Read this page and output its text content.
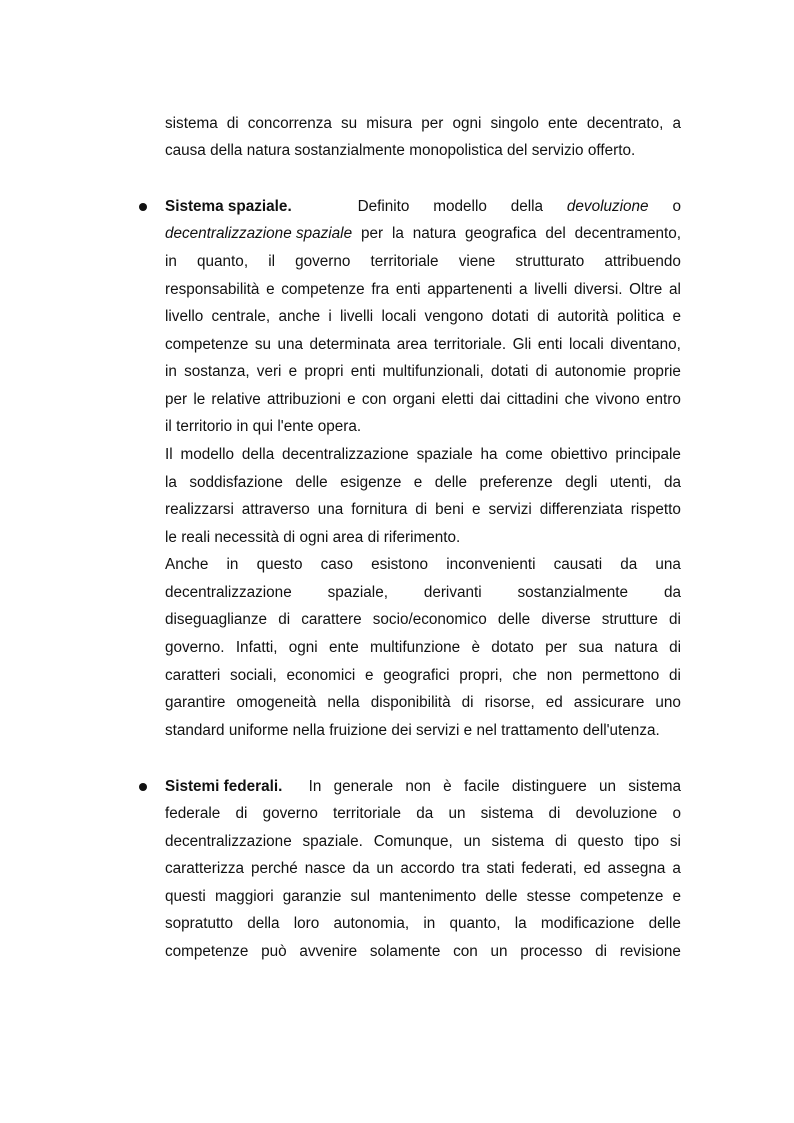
sistema di concorrenza su misura per ogni singolo ente decentrato, a
causa della natura sostanzialmente monopolistica del servizio offerto.
Sistema spaziale.	Definito modello della devoluzione o
decentralizzazione spaziale per la natura geografica del decentramento,
in quanto, il governo territoriale viene strutturato attribuendo
responsabilità e competenze fra enti appartenenti a livelli diversi. Oltre al
livello centrale, anche i livelli locali vengono dotati di autorità politica e
competenze su una determinata area territoriale. Gli enti locali diventano,
in sostanza, veri e propri enti multifunzionali, dotati di autonomie proprie
per le relative attribuzioni e con organi eletti dai cittadini che vivono entro
il territorio in qui l'ente opera.
Il modello della decentralizzazione spaziale ha come obiettivo principale
la soddisfazione delle esigenze e delle preferenze degli utenti, da
realizzarsi attraverso una fornitura di beni e servizi differenziata rispetto
le reali necessità di ogni area di riferimento.
Anche in questo caso esistono inconvenienti causati da una
decentralizzazione spaziale, derivanti sostanzialmente da
diseguaglianze di carattere socio/economico delle diverse strutture di
governo. Infatti, ogni ente multifunzione è dotato per sua natura di
caratteri sociali, economici e geografici propri, che non permettono di
garantire omogeneità nella disponibilità di risorse, ed assicurare uno
standard uniforme nella fruizione dei servizi e nel trattamento dell'utenza.
Sistemi federali.	In generale non è facile distinguere un sistema
federale di governo territoriale da un sistema di devoluzione o
decentralizzazione spaziale. Comunque, un sistema di questo tipo si
caratterizza perché nasce da un accordo tra stati federati, ed assegna a
questi maggiori garanzie sul mantenimento delle stesse competenze e
sopratutto della loro autonomia, in quanto, la modificazione delle
competenze può avvenire solamente con un processo di revisione
